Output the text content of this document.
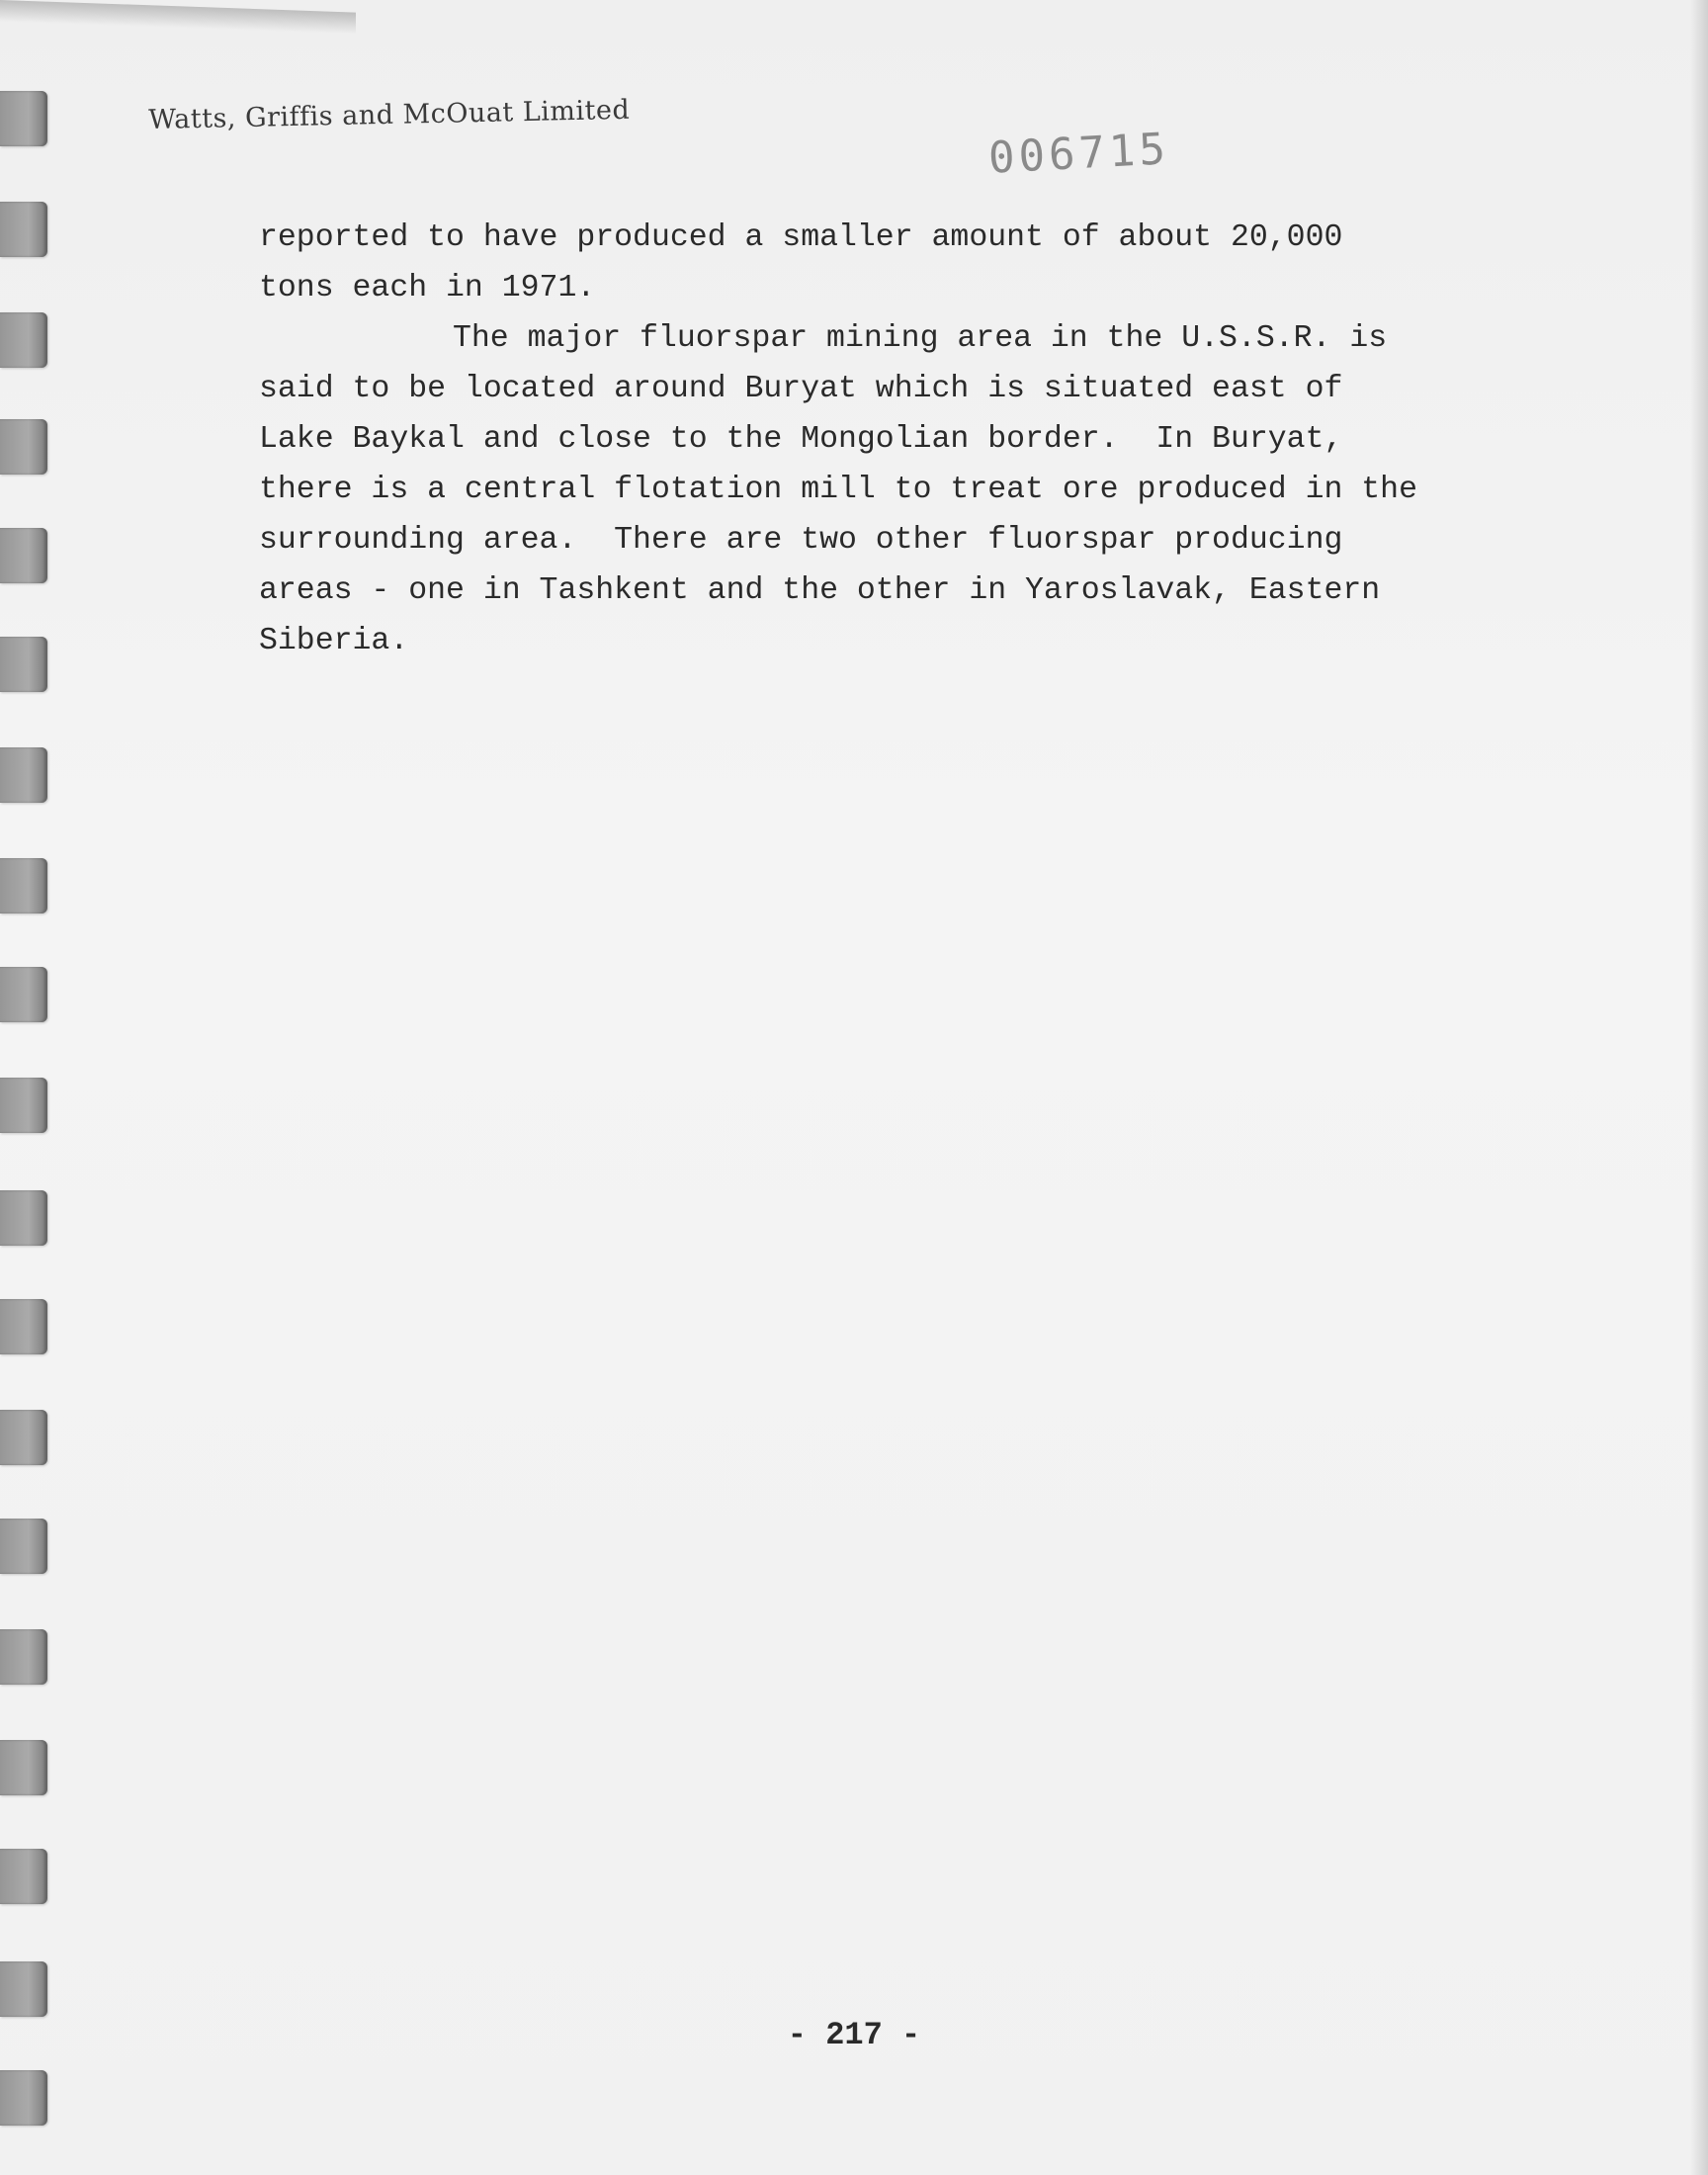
Watts, Griffis and McOuat Limited
006715
reported to have produced a smaller amount of about 20,000
tons each in 1971.
The major fluorspar mining area in the U.S.S.R. is
said to be located around Buryat which is situated east of
Lake Baykal and close to the Mongolian border.  In Buryat,
there is a central flotation mill to treat ore produced in the
surrounding area.  There are two other fluorspar producing
areas - one in Tashkent and the other in Yaroslavak, Eastern
Siberia.
- 217 -
